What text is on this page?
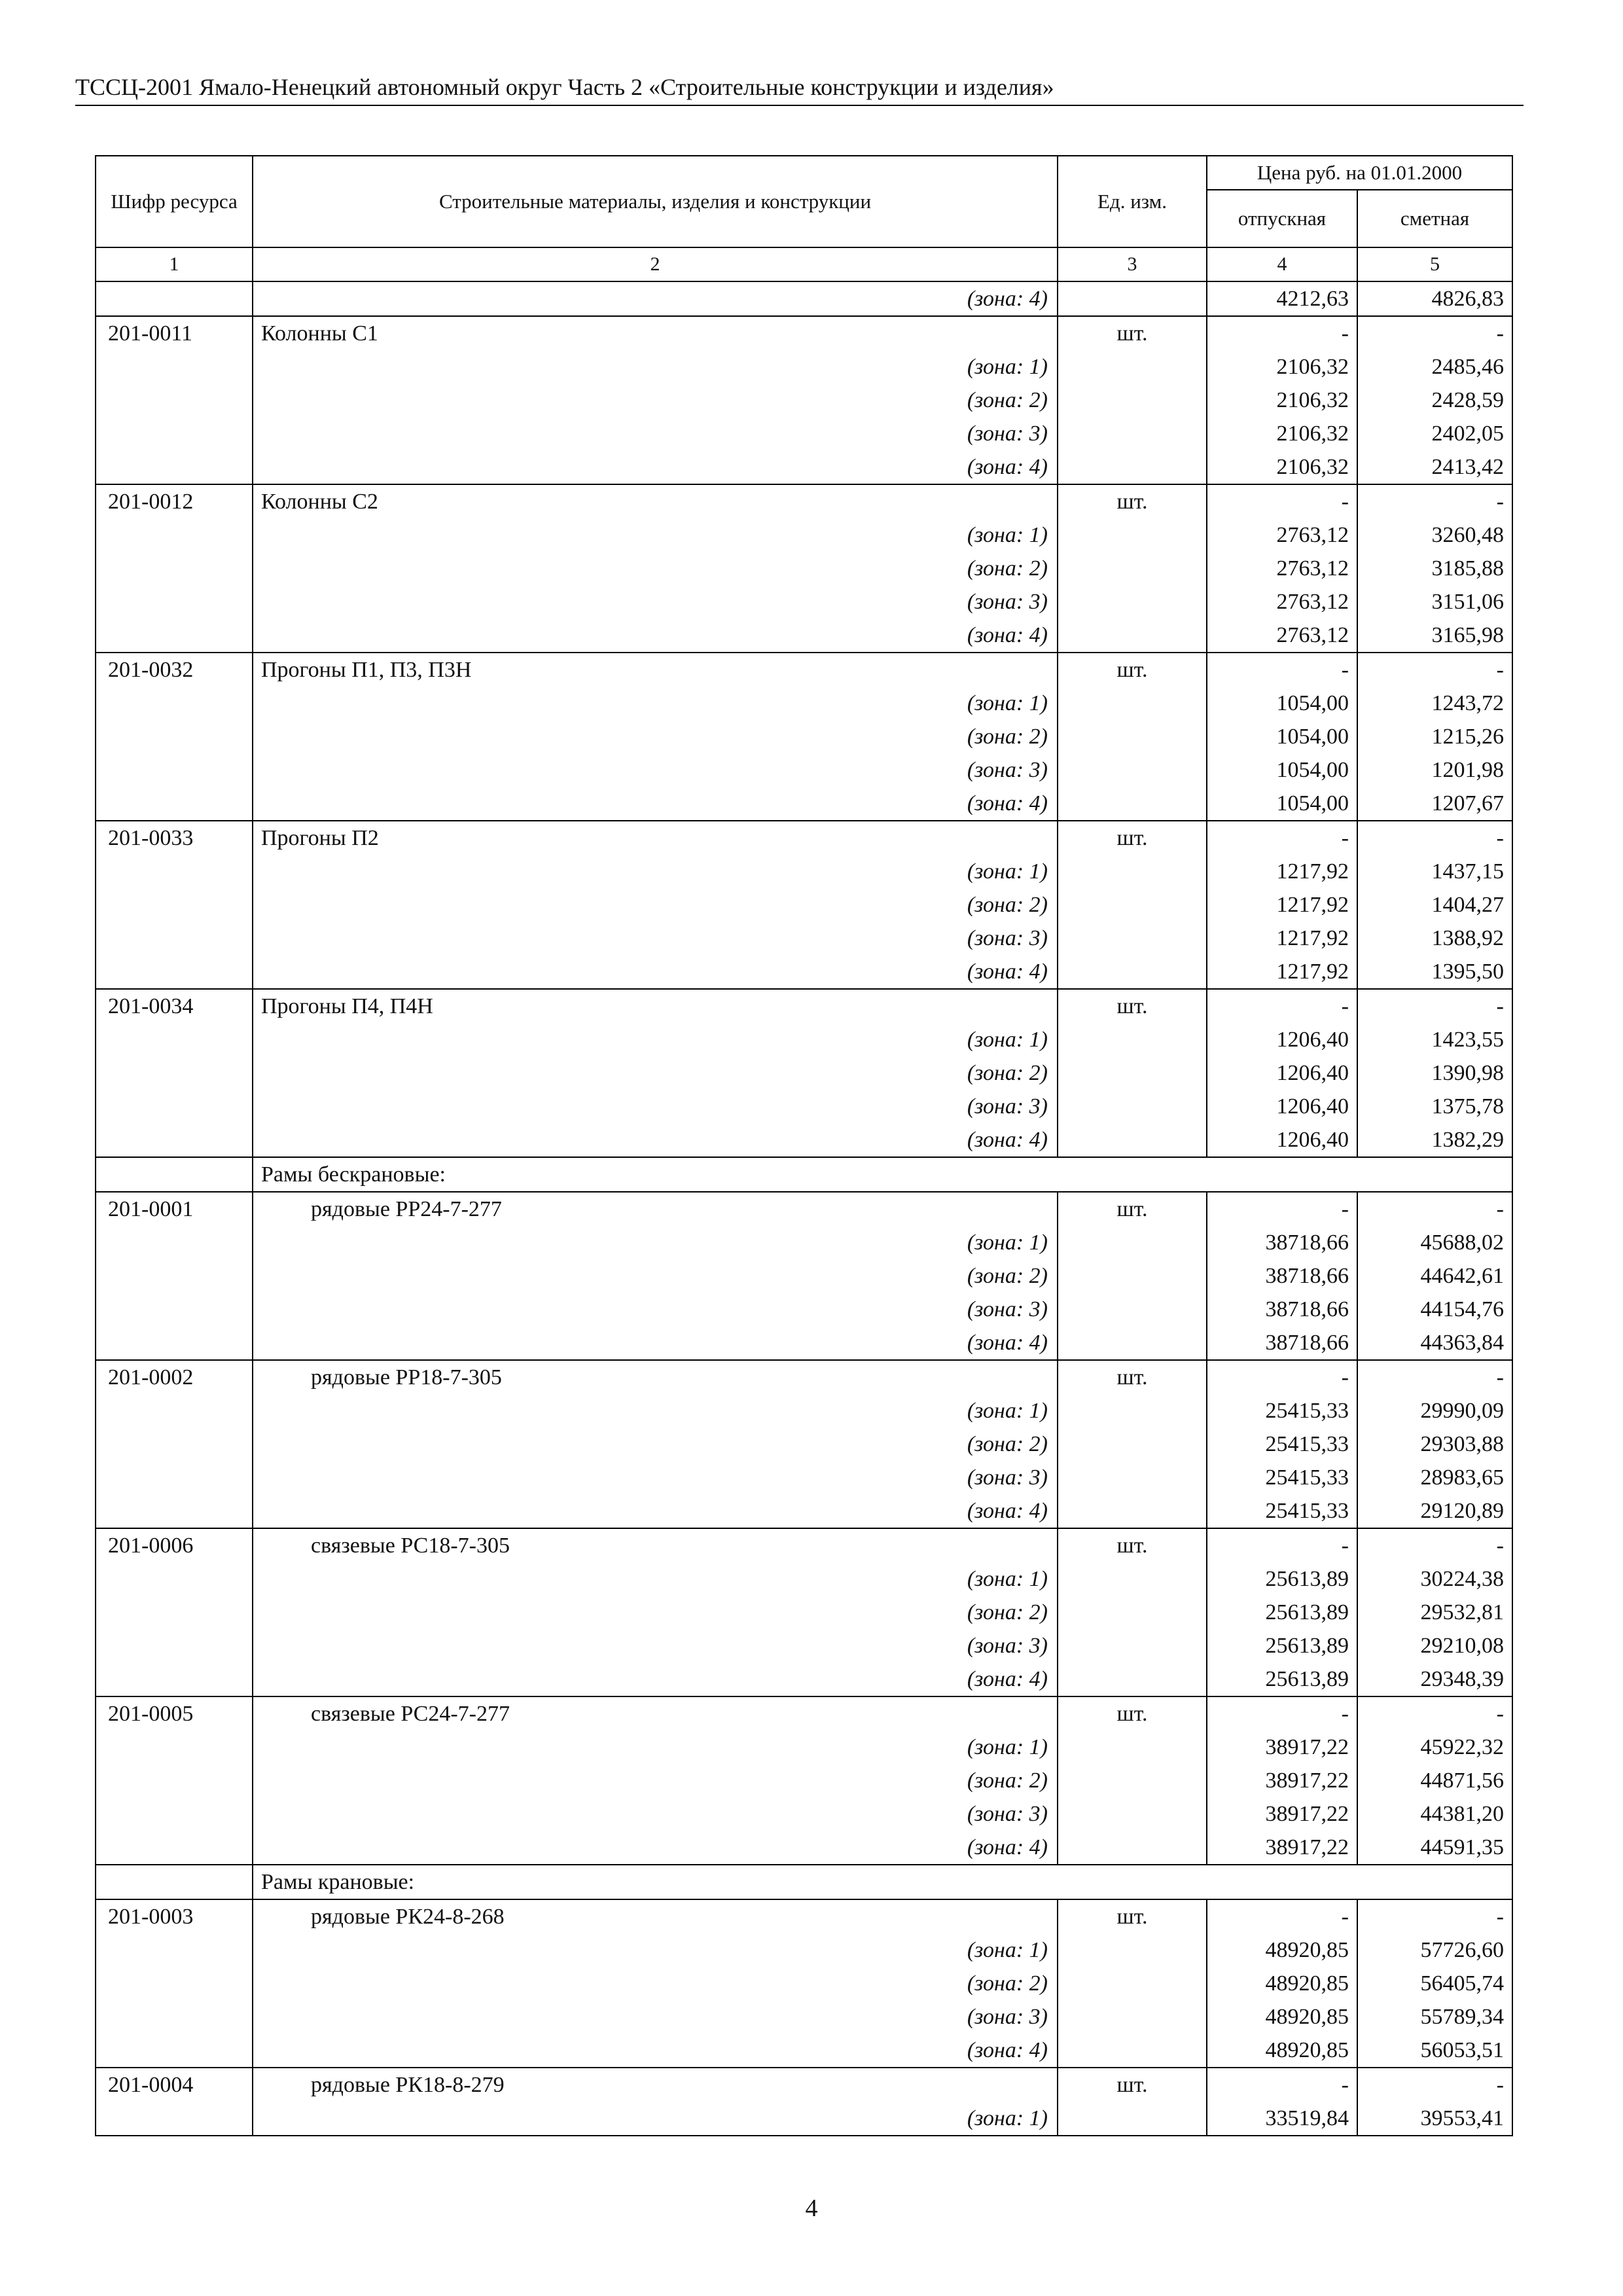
ТССЦ-2001 Ямало-Ненецкий автономный округ Часть 2 «Строительные конструкции и изделия»
Шифр ресурса	Строительные материалы, изделия и конструкции	Ед. изм.	Цена руб. на 01.01.2000	
			отпускная	сметная
1	2	3	4	5
	(зона: 4)		4212,63	4826,83
201-0011	Колонны С1	шт.	-	-
	(зона: 1)		2106,32	2485,46
	(зона: 2)		2106,32	2428,59
	(зона: 3)		2106,32	2402,05
	(зона: 4)		2106,32	2413,42
201-0012	Колонны С2	шт.	-	-
	(зона: 1)		2763,12	3260,48
	(зона: 2)		2763,12	3185,88
	(зона: 3)		2763,12	3151,06
	(зона: 4)		2763,12	3165,98
201-0032	Прогоны П1, П3, П3Н	шт.	-	-
	(зона: 1)		1054,00	1243,72
	(зона: 2)		1054,00	1215,26
	(зона: 3)		1054,00	1201,98
	(зона: 4)		1054,00	1207,67
201-0033	Прогоны П2	шт.	-	-
	(зона: 1)		1217,92	1437,15
	(зона: 2)		1217,92	1404,27
	(зона: 3)		1217,92	1388,92
	(зона: 4)		1217,92	1395,50
201-0034	Прогоны П4, П4Н	шт.	-	-
	(зона: 1)		1206,40	1423,55
	(зона: 2)		1206,40	1390,98
	(зона: 3)		1206,40	1375,78
	(зона: 4)		1206,40	1382,29
	Рамы бескрановые:			
201-0001	рядовые РР24-7-277	шт.	-	-
	(зона: 1)		38718,66	45688,02
	(зона: 2)		38718,66	44642,61
	(зона: 3)		38718,66	44154,76
	(зона: 4)		38718,66	44363,84
201-0002	рядовые РР18-7-305	шт.	-	-
	(зона: 1)		25415,33	29990,09
	(зона: 2)		25415,33	29303,88
	(зона: 3)		25415,33	28983,65
	(зона: 4)		25415,33	29120,89
201-0006	связевые РС18-7-305	шт.	-	-
	(зона: 1)		25613,89	30224,38
	(зона: 2)		25613,89	29532,81
	(зона: 3)		25613,89	29210,08
	(зона: 4)		25613,89	29348,39
201-0005	связевые РС24-7-277	шт.	-	-
	(зона: 1)		38917,22	45922,32
	(зона: 2)		38917,22	44871,56
	(зона: 3)		38917,22	44381,20
	(зона: 4)		38917,22	44591,35
	Рамы крановые:			
201-0003	рядовые РК24-8-268	шт.	-	-
	(зона: 1)		48920,85	57726,60
	(зона: 2)		48920,85	56405,74
	(зона: 3)		48920,85	55789,34
	(зона: 4)		48920,85	56053,51
201-0004	рядовые РК18-8-279	шт.	-	-
	(зона: 1)		33519,84	39553,41
4
